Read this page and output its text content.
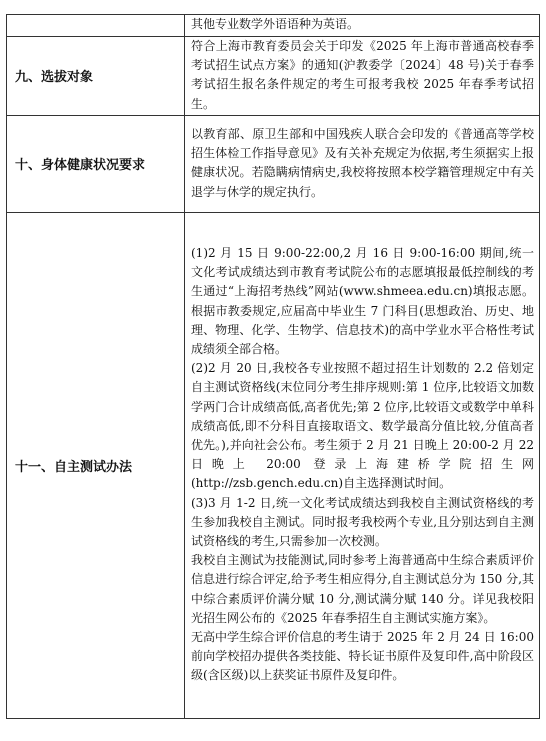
	其他专业数学外语语种为英语。

九、选拔对象	符合上海市教育委员会关于印发《2025 年上海市普通高校春季考试招生试点方案》的通知(沪教委学〔2024〕48 号)关于春季考试招生报名条件规定的考生可报考我校 2025 年春季考试招生。

十、身体健康状况要求	以教育部、原卫生部和中国残疾人联合会印发的《普通高等学校招生体检工作指导意见》及有关补充规定为依据,考生须据实上报健康状况。若隐瞒病情病史,我校将按照本校学籍管理规定中有关退学与休学的规定执行。

十一、自主测试办法	(1)2 月 15 日 9:00-22:00,2 月 16 日 9:00-16:00 期间,统一文化考试成绩达到市教育考试院公布的志愿填报最低控制线的考生通过“上海招考热线”网站(www.shmeea.edu.cn)填报志愿。根据市教委规定,应届高中毕业生 7 门科目(思想政治、历史、地理、物理、化学、生物学、信息技术)的高中学业水平合格性考试成绩须全部合格。
(2)2 月 20 日,我校各专业按照不超过招生计划数的 2.2 倍划定自主测试资格线(末位同分考生排序规则:第 1 位序,比较语文加数学两门合计成绩高低,高者优先;第 2 位序,比较语文或数学中单科成绩高低,即不分科目直接取语文、数学最高分值比较,分值高者优先。),并向社会公布。考生须于 2 月 21 日晚上 20:00-2 月 22 日晚上 20:00 登录上海建桥学院招生网(http://zsb.gench.edu.cn)自主选择测试时间。
(3)3 月 1-2 日,统一文化考试成绩达到我校自主测试资格线的考生参加我校自主测试。同时报考我校两个专业,且分别达到自主测试资格线的考生,只需参加一次校测。
我校自主测试为技能测试,同时参考上海普通高中生综合素质评价信息进行综合评定,给予考生相应得分,自主测试总分为 150 分,其中综合素质评价满分赋 10 分,测试满分赋 140 分。详见我校阳光招生网公布的《2025 年春季招生自主测试实施方案》。
无高中学生综合评价信息的考生请于 2025 年 2 月 24 日 16:00 前向学校招办提供各类技能、特长证书原件及复印件,高中阶段区级(含区级)以上获奖证书原件及复印件。
